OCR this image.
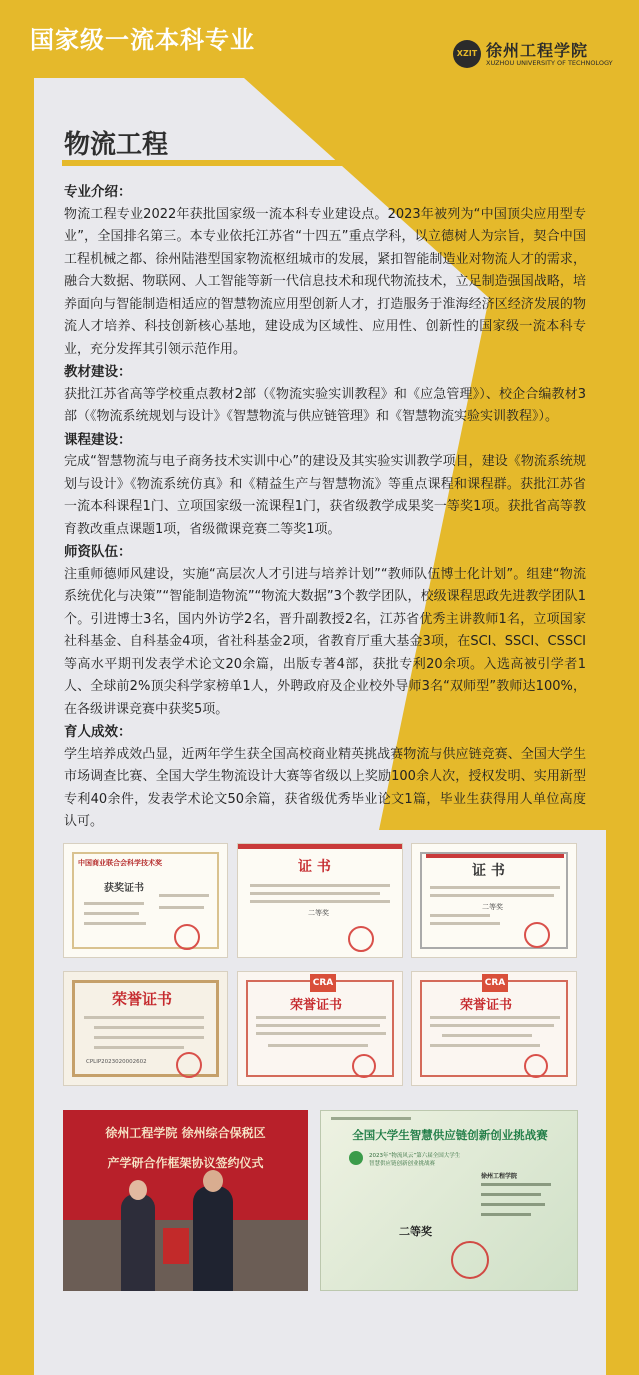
国家级一流本科专业	XZIT 徐州工程学院
XUZHOU UNIVERSITY OF TECHNOLOGY
物流工程
专业介绍：

物流工程专业2022年获批国家级一流本科专业建设点。2023年被列为“中国顶尖应用型专业”，全国排名第三。本专业依托江苏省“十四五”重点学科，以立德树人为宗旨，契合中国工程机械之都、徐州陆港型国家物流枢纽城市的发展，紧扣智能制造业对物流人才的需求，融合大数据、物联网、人工智能等新一代信息技术和现代物流技术，立足制造强国战略，培养面向与智能制造相适应的智慧物流应用型创新人才，打造服务于淮海经济区经济发展的物流人才培养、科技创新核心基地，建设成为区域性、应用性、创新性的国家级一流本科专业，充分发挥其引领示范作用。

教材建设：

获批江苏省高等学校重点教材2部（《物流实验实训教程》和《应急管理》）、校企合编教材3部（《物流系统规划与设计》《智慧物流与供应链管理》和《智慧物流实验实训教程》）。

课程建设：

完成“智慧物流与电子商务技术实训中心”的建设及其实验实训教学项目，建设《物流系统规划与设计》《物流系统仿真》和《精益生产与智慧物流》等重点课程和课程群。获批江苏省一流本科课程1门、立项国家级一流课程1门，获省级教学成果奖一等奖1项。获批省高等教育教改重点课题1项，省级微课竞赛二等奖1项。

师资队伍：

注重师德师风建设，实施“高层次人才引进与培养计划”“教师队伍博士化计划”。组建“物流系统优化与决策”“智能制造物流”“物流大数据”3个教学团队，校级课程思政先进教学团队1个。引进博士3名，国内外访学2名，晋升副教授2名，江苏省优秀主讲教师1名，立项国家社科基金、自科基金4项，省社科基金2项，省教育厅重大基金3项，在SCI、SSCI、CSSCI等高水平期刊发表学术论文20余篇，出版专著4部，获批专利20余项。入选高被引学者1人、全球前2%顶尖科学家榜单1人，外聘政府及企业校外导师3名“双师型”教师达100%，在各级讲课竞赛中获奖5项。

育人成效：

学生培养成效凸显，近两年学生获全国高校商业精英挑战赛物流与供应链竞赛、全国大学生市场调查比赛、全国大学生物流设计大赛等省级以上奖励100余人次，授权发明、实用新型专利40余件，发表学术论文50余篇，获省级优秀毕业论文1篇，毕业生获得用人单位高度认可。

中国商业联合会科学技术奖
获奖证书
证 书
二等奖
证 书
二等奖
荣誉证书
CPLIP2023020002602
CRA
荣誉证书
CRA
荣誉证书
徐州工程学院 徐州综合保税区
产学研合作框架协议签约仪式
全国大学生智慧供应链创新创业挑战赛
2023年“物流风云”第六届全国大学生
智慧供应链创新创业挑战赛
徐州工程学院
二等奖
